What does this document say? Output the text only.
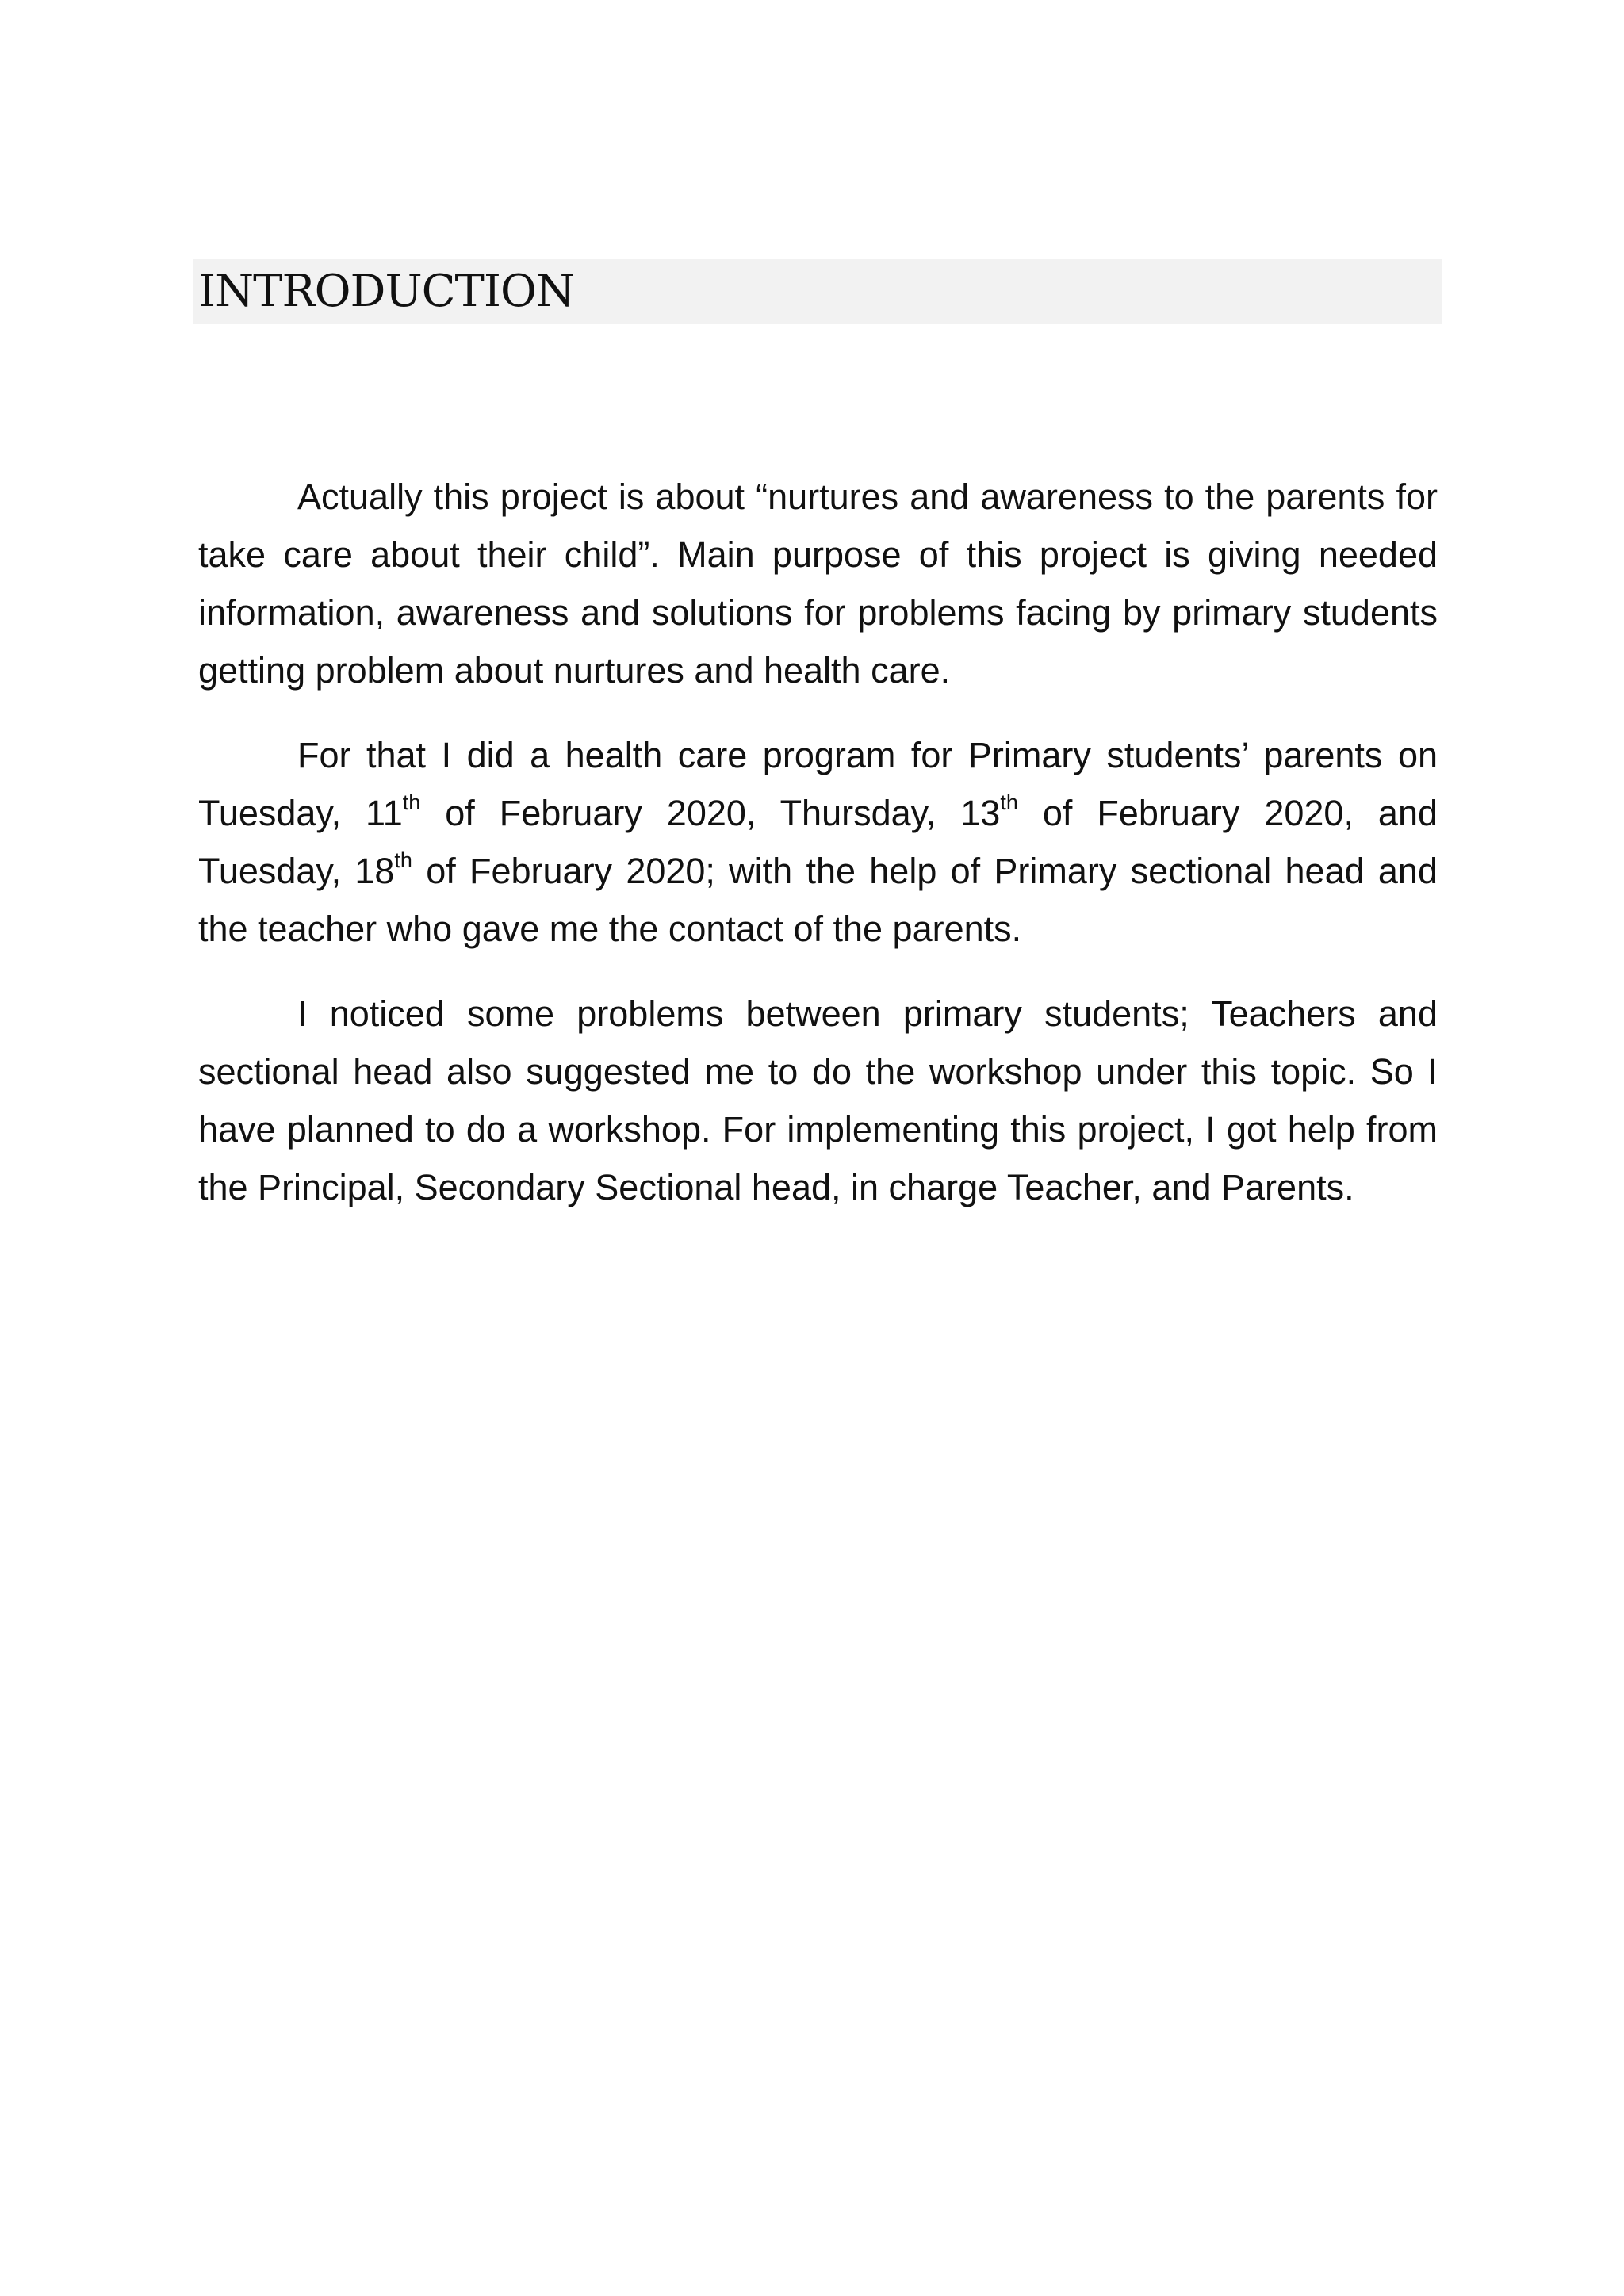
INTRODUCTION

Actually this project is about “nurtures and awareness to the parents for take care about their child”. Main purpose of this project is giving needed information, awareness and solutions for problems facing by primary students getting problem about nurtures and health care.

For that I did a health care program for Primary students’ parents on Tuesday, 11th of February 2020, Thursday, 13th of February 2020, and Tuesday, 18th of February 2020; with the help of Primary sectional head and the teacher who gave me the contact of the parents.

I noticed some problems between primary students; Teachers and sectional head also suggested me to do the workshop under this topic. So I have planned to do a workshop. For implementing this project, I got help from the Principal, Secondary Sectional head, in charge Teacher, and Parents.
